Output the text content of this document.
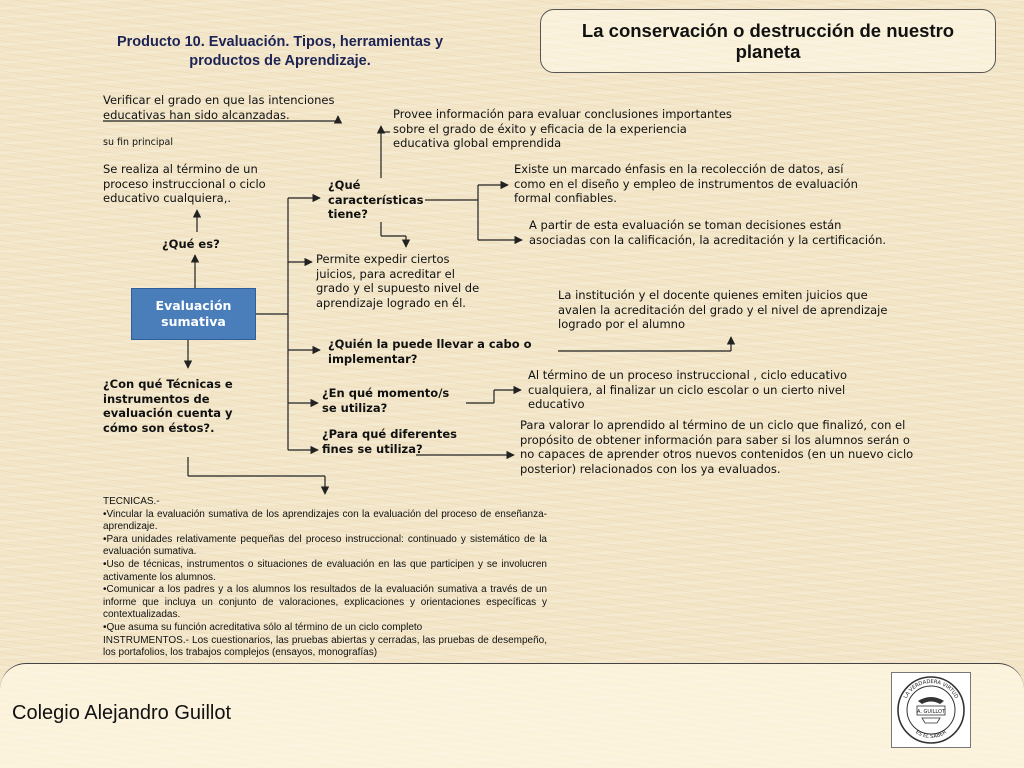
Producto 10. Evaluación. Tipos, herramientas y productos de Aprendizaje.
La conservación o destrucción de nuestro planeta
Verificar el grado en que las intenciones educativas han sido alcanzadas.
su fin principal
Se realiza al término de un proceso instruccional o ciclo educativo cualquiera,.
¿Qué es?
Provee información para evaluar conclusiones importantes sobre el grado de éxito y eficacia de la experiencia educativa global emprendida
¿Qué características tiene?
Existe un marcado énfasis en la recolección de datos, así como en el diseño y empleo de instrumentos de evaluación formal confiables.
A partir de esta evaluación se toman decisiones están asociadas con la calificación, la acreditación y la certificación.
Permite expedir ciertos juicios, para acreditar el grado y el supuesto nivel de aprendizaje logrado en él.
Evaluación sumativa
La institución y el docente quienes emiten juicios que avalen la acreditación del grado y el nivel de aprendizaje logrado por el alumno
¿Quién la puede llevar a cabo o implementar?
¿Con qué Técnicas e instrumentos de evaluación cuenta y cómo son éstos?.
¿En qué momento/s se utiliza?
Al término de un proceso instruccional , ciclo educativo cualquiera, al finalizar un ciclo escolar o un cierto nivel educativo
¿Para qué diferentes fines se utiliza?
Para valorar lo aprendido al término de un ciclo que finalizó, con el propósito de obtener información para saber si los alumnos serán o no capaces de aprender otros nuevos contenidos (en un nuevo ciclo posterior) relacionados con los ya evaluados.
TECNICAS.-
•Vincular la evaluación sumativa de los aprendizajes con la evaluación del proceso de enseñanza-aprendizaje.
•Para unidades relativamente pequeñas del proceso instruccional: continuado y sistemático de la evaluación sumativa.
•Uso de técnicas, instrumentos o situaciones de evaluación en las que participen y se involucren activamente los alumnos.
•Comunicar a los padres y a los alumnos los resultados de la evaluación sumativa a través de un informe que incluya un conjunto de valoraciones, explicaciones y orientaciones específicas y contextualizadas.
•Que asuma su función acreditativa sólo al término de un ciclo completo
INSTRUMENTOS.- Los cuestionarios, las pruebas abiertas y cerradas, las pruebas de desempeño, los portafolios, los trabajos complejos (ensayos, monografías)
Colegio Alejandro Guillot
LA VERDADERA VIRTUD
ES EL SABER
A. GUILLOT
